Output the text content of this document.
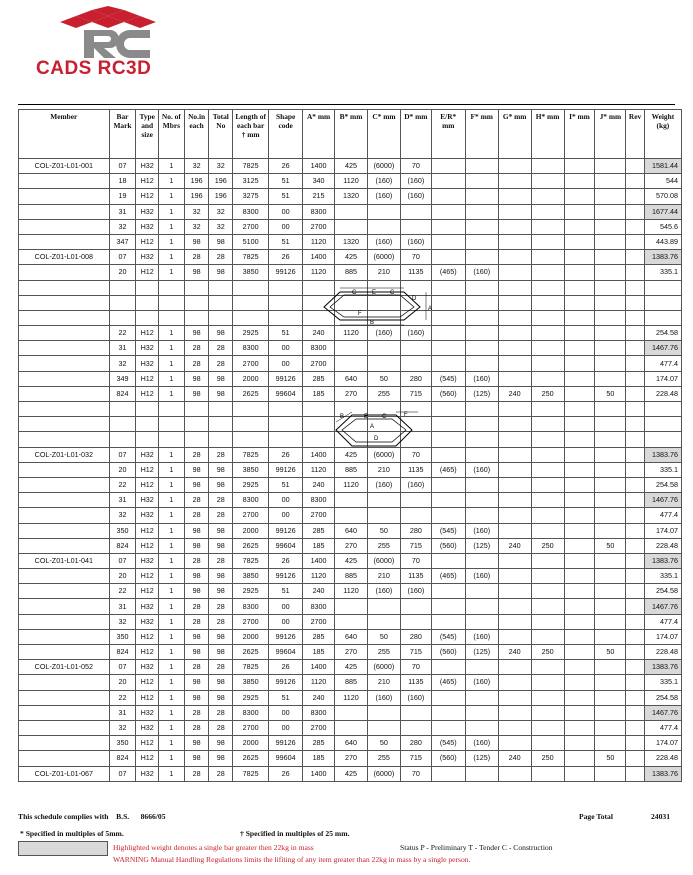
CADS RC3D
Member	Bar Mark	Type and size	No. of Mbrs	No.in each	Total No	Length of each bar † mm	Shape code	A* mm	B* mm	C* mm	D* mm	E/R* mm	F* mm	G* mm	H* mm	I* mm	J* mm	Rev	Weight (kg)
COL-Z01-L01-001	07	H32	1	32	32	7825	26	1400	425	(6000)	70								1581.44
	18	H12	1	196	196	3125	51	340	1120	(160)	(160)								544
	19	H12	1	196	196	3275	51	215	1320	(160)	(160)								570.08
	31	H32	1	32	32	8300	00	8300											1677.44
	32	H32	1	32	32	2700	00	2700											545.6
	347	H12	1	98	98	5100	51	1120	1320	(160)	(160)								443.89
COL-Z01-L01-008	07	H32	1	28	28	7825	26	1400	425	(6000)	70								1383.76
	20	H12	1	98	98	3850	99126	1120	885	210	1135	(465)	(160)						335.1

	22	H12	1	98	98	2925	51	240	1120	(160)	(160)								254.58
	31	H32	1	28	28	8300	00	8300											1467.76
	32	H32	1	28	28	2700	00	2700											477.4
	349	H12	1	98	98	2000	99126	285	640	50	280	(545)	(160)						174.07
	824	H12	1	98	98	2625	99604	185	270	255	715	(560)	(125)	240	250		50		228.48

COL-Z01-L01-032	07	H32	1	28	28	7825	26	1400	425	(6000)	70								1383.76
	20	H12	1	98	98	3850	99126	1120	885	210	1135	(465)	(160)						335.1
	22	H12	1	98	98	2925	51	240	1120	(160)	(160)								254.58
	31	H32	1	28	28	8300	00	8300											1467.76
	32	H32	1	28	28	2700	00	2700											477.4
	350	H12	1	98	98	2000	99126	285	640	50	280	(545)	(160)						174.07
	824	H12	1	98	98	2625	99604	185	270	255	715	(560)	(125)	240	250		50		228.48
COL-Z01-L01-041	07	H32	1	28	28	7825	26	1400	425	(6000)	70								1383.76
	20	H12	1	98	98	3850	99126	1120	885	210	1135	(465)	(160)						335.1
	22	H12	1	98	98	2925	51	240	1120	(160)	(160)								254.58
	31	H32	1	28	28	8300	00	8300											1467.76
	32	H32	1	28	28	2700	00	2700											477.4
	350	H12	1	98	98	2000	99126	285	640	50	280	(545)	(160)						174.07
	824	H12	1	98	98	2625	99604	185	270	255	715	(560)	(125)	240	250		50		228.48
COL-Z01-L01-052	07	H32	1	28	28	7825	26	1400	425	(6000)	70								1383.76
	20	H12	1	98	98	3850	99126	1120	885	210	1135	(465)	(160)						335.1
	22	H12	1	98	98	2925	51	240	1120	(160)	(160)								254.58
	31	H32	1	28	28	8300	00	8300											1467.76
	32	H32	1	28	28	2700	00	2700											477.4
	350	H12	1	98	98	2000	99126	285	640	50	280	(545)	(160)						174.07
	824	H12	1	98	98	2625	99604	185	270	255	715	(560)	(125)	240	250		50		228.48
COL-Z01-L01-067	07	H32	1	28	28	7825	26	1400	425	(6000)	70								1383.76
C	E C
D
F
B
A
B	E C
A
F
D
This schedule complies with B.S. 8666/05	Page Total	24031
* Specified in multiples of 5mm.	† Specified in multiples of 25 mm.
Highlighted weight denotes a single bar greater then 22kg in mass	Status P - Preliminary T - Tender C - Construction
WARNING Manual Handling Regulations limits the lifiting of any item greater than 22kg in mass by a single person.
